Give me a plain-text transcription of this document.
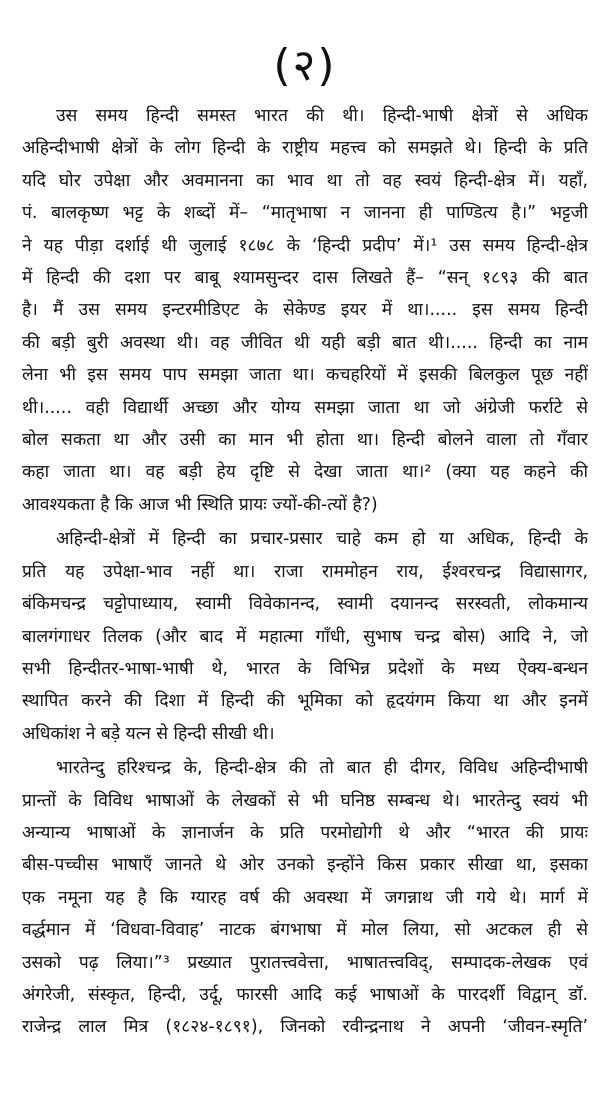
(२)
उस समय हिन्दी समस्त भारत की थी। हिन्दी-भाषी क्षेत्रों से अधिक
अहिन्दीभाषी क्षेत्रों के लोग हिन्दी के राष्ट्रीय महत्त्व को समझते थे। हिन्दी के प्रति
यदि घोर उपेक्षा और अवमानना का भाव था तो वह स्वयं हिन्दी-क्षेत्र में। यहाँ,
पं. बालकृष्ण भट्ट के शब्दों में– “मातृभाषा न जानना ही पाण्डित्य है।” भट्टजी
ने यह पीड़ा दर्शाई थी जुलाई १८७८ के ‘हिन्दी प्रदीप’ में।¹ उस समय हिन्दी-क्षेत्र
में हिन्दी की दशा पर बाबू श्यामसुन्दर दास लिखते हैं– “सन् १८९३ की बात
है। मैं उस समय इन्टरमीडिएट के सेकेण्ड इयर में था।..... इस समय हिन्दी
की बड़ी बुरी अवस्था थी। वह जीवित थी यही बड़ी बात थी।..... हिन्दी का नाम
लेना भी इस समय पाप समझा जाता था। कचहरियों में इसकी बिलकुल पूछ नहीं
थी।..... वही विद्यार्थी अच्छा और योग्य समझा जाता था जो अंग्रेजी फर्राटे से
बोल सकता था और उसी का मान भी होता था। हिन्दी बोलने वाला तो गँवार
कहा जाता था। वह बड़ी हेय दृष्टि से देखा जाता था।² (क्या यह कहने की
आवश्यकता है कि आज भी स्थिति प्रायः ज्यों-की-त्यों है?)
अहिन्दी-क्षेत्रों में हिन्दी का प्रचार-प्रसार चाहे कम हो या अधिक, हिन्दी के
प्रति यह उपेक्षा-भाव नहीं था। राजा राममोहन राय, ईश्वरचन्द्र विद्यासागर,
बंकिमचन्द्र चट्टोपाध्याय, स्वामी विवेकानन्द, स्वामी दयानन्द सरस्वती, लोकमान्य
बालगंगाधर तिलक (और बाद में महात्मा गाँधी, सुभाष चन्द्र बोस) आदि ने, जो
सभी हिन्दीतर-भाषा-भाषी थे, भारत के विभिन्न प्रदेशों के मध्य ऐक्य-बन्धन
स्थापित करने की दिशा में हिन्दी की भूमिका को हृदयंगम किया था और इनमें
अधिकांश ने बड़े यत्न से हिन्दी सीखी थी।
भारतेन्दु हरिश्चन्द्र के, हिन्दी-क्षेत्र की तो बात ही दीगर, विविध अहिन्दीभाषी
प्रान्तों के विविध भाषाओं के लेखकों से भी घनिष्ठ सम्बन्ध थे। भारतेन्दु स्वयं भी
अन्यान्य भाषाओं के ज्ञानार्जन के प्रति परमोद्योगी थे और “भारत की प्रायः
बीस-पच्चीस भाषाएँ जानते थे ओर उनको इन्होंने किस प्रकार सीखा था, इसका
एक नमूना यह है कि ग्यारह वर्ष की अवस्था में जगन्नाथ जी गये थे। मार्ग में
वर्द्धमान में ‘विधवा-विवाह’ नाटक बंगभाषा में मोल लिया, सो अटकल ही से
उसको पढ़ लिया।”³ प्रख्यात पुरातत्त्ववेत्ता, भाषातत्त्वविद्, सम्पादक-लेखक एवं
अंगरेजी, संस्कृत, हिन्दी, उर्दू, फारसी आदि कई भाषाओं के पारदर्शी विद्वान् डॉ.
राजेन्द्र लाल मित्र (१८२४-१८९१), जिनको रवीन्द्रनाथ ने अपनी ‘जीवन-स्मृति’
